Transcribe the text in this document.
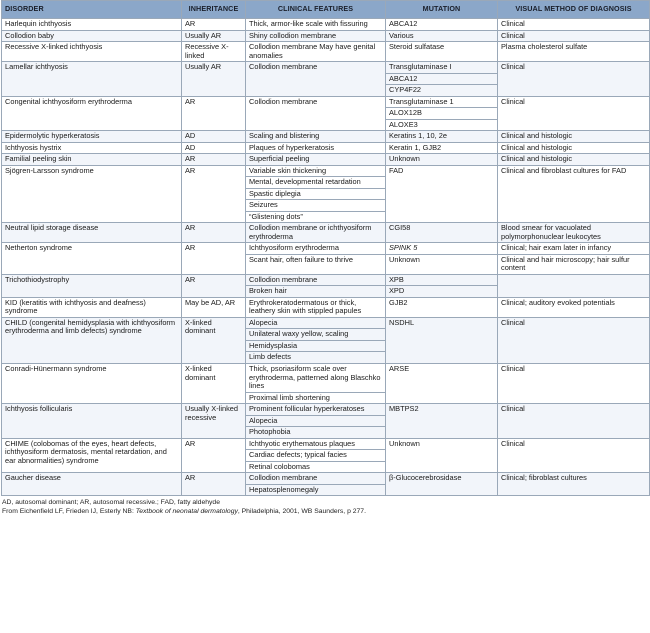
DISORDER	INHERITANCE	CLINICAL FEATURES	MUTATION	VISUAL METHOD OF DIAGNOSIS
Harlequin ichthyosis	AR	Thick, armor-like scale with fissuring	ABCA12	Clinical
Collodion baby	Usually AR	Shiny collodion membrane	Various	Clinical
Recessive X-linked ichthyosis	Recessive X-linked	Collodion membrane May have genital anomalies	Steroid sulfatase	Plasma cholesterol sulfate
Lamellar ichthyosis	Usually AR	Collodion membrane	Transglutaminase I	Clinical
			ABCA12	
			CYP4F22	
Congenital ichthyosiform erythroderma	AR	Collodion membrane	Transglutaminase 1	Clinical
			ALOX12B	
			ALOXE3	
Epidermolytic hyperkeratosis	AD	Scaling and blistering	Keratins 1, 10, 2e	Clinical and histologic
Ichthyosis hystrix	AD	Plaques of hyperkeratosis	Keratin 1, GJB2	Clinical and histologic
Familial peeling skin	AR	Superficial peeling	Unknown	Clinical and histologic
Sjögren-Larsson syndrome	AR	Variable skin thickening	FAD	Clinical and fibroblast cultures for FAD
		Mental, developmental retardation		
		Spastic diplegia		
		Seizures		
		“Glistening dots”		
Neutral lipid storage disease	AR	Collodion membrane or ichthyosiform erythroderma	CGI58	Blood smear for vacuolated polymorphonuclear leukocytes
Netherton syndrome	AR	Ichthyosiform erythroderma	SPINK 5	Clinical; hair exam later in infancy
		Scant hair, often failure to thrive	Unknown	Clinical and hair microscopy; hair sulfur content
Trichothiodystrophy	AR	Collodion membrane	XPB	
		Broken hair	XPD	
KID (keratitis with ichthyosis and deafness) syndrome	May be AD, AR	Erythrokeratodermatous or thick, leathery skin with stippled papules	GJB2	Clinical; auditory evoked potentials
CHILD (congenital hemidysplasia with ichthyosiform erythroderma and limb defects) syndrome	X-linked dominant	Alopecia	NSDHL	Clinical
		Unilateral waxy yellow, scaling		
		Hemidysplasia		
		Limb defects		
Conradi-Hünermann syndrome	X-linked dominant	Thick, psoriasiform scale over erythroderma, patterned along Blaschko lines	ARSE	Clinical
		Proximal limb shortening		
Ichthyosis follicularis	Usually X-linked recessive	Prominent follicular hyperkeratoses	MBTPS2	Clinical
		Alopecia		
		Photophobia		
CHIME (colobomas of the eyes, heart defects, ichthyosiform dermatosis, mental retardation, and ear abnormalities) syndrome	AR	Ichthyotic erythematous plaques	Unknown	Clinical
		Cardiac defects; typical facies		
		Retinal colobomas		
Gaucher disease	AR	Collodion membrane	β-Glucocerebrosidase	Clinical; fibroblast cultures
		Hepatosplenomegaly		
AD, autosomal dominant; AR, autosomal recessive.; FAD, fatty aldehyde
From Eichenfield LF, Frieden IJ, Esterly NB: Textbook of neonatal dermatology, Philadelphia, 2001, WB Saunders, p 277.
